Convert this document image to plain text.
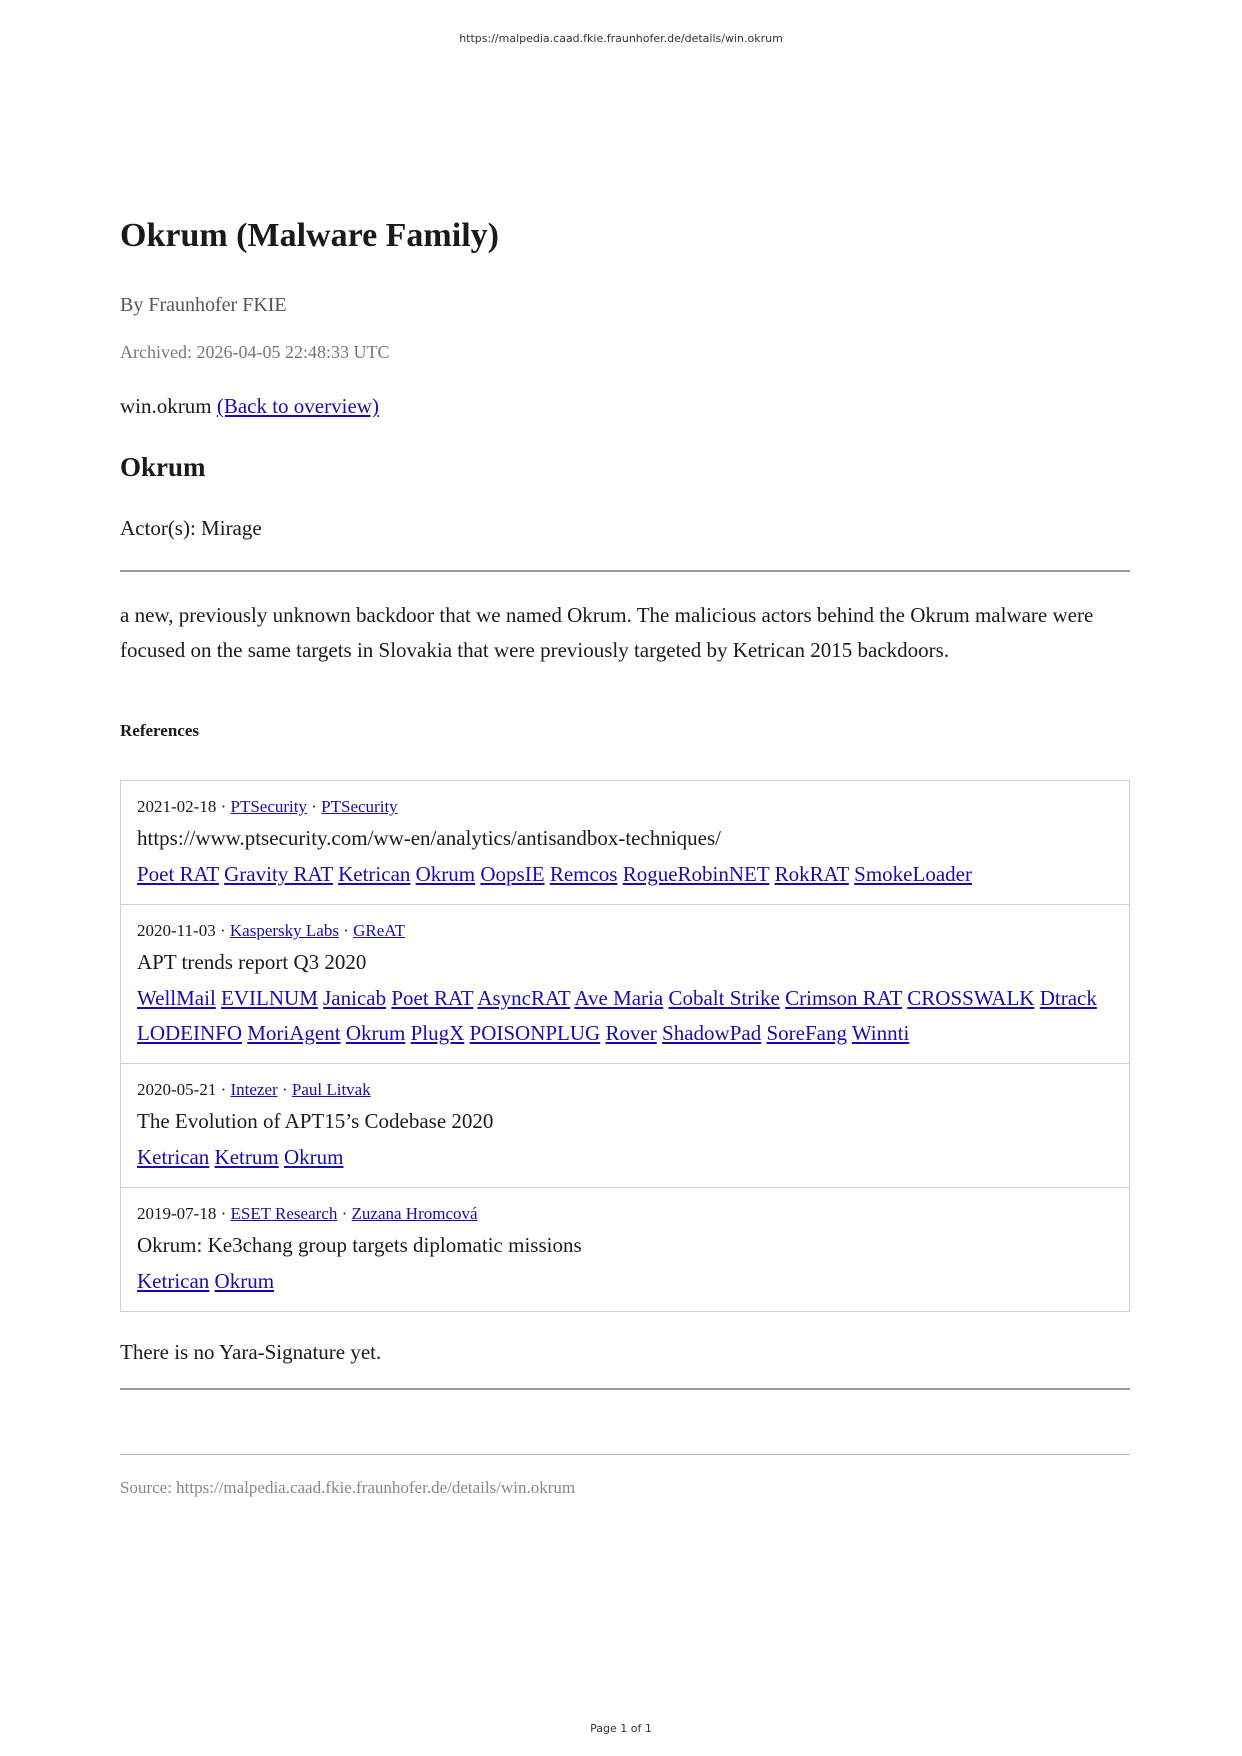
https://malpedia.caad.fkie.fraunhofer.de/details/win.okrum
Okrum (Malware Family)
By Fraunhofer FKIE
Archived: 2026-04-05 22:48:33 UTC
win.okrum (Back to overview)
Okrum
Actor(s): Mirage
a new, previously unknown backdoor that we named Okrum. The malicious actors behind the Okrum malware were focused on the same targets in Slovakia that were previously targeted by Ketrican 2015 backdoors.
References
2021-02-18 · PTSecurity · PTSecurity
https://www.ptsecurity.com/ww-en/analytics/antisandbox-techniques/
Poet RAT Gravity RAT Ketrican Okrum OopsIE Remcos RogueRobinNET RokRAT SmokeLoader
2020-11-03 · Kaspersky Labs · GReAT
APT trends report Q3 2020
WellMail EVILNUM Janicab Poet RAT AsyncRAT Ave Maria Cobalt Strike Crimson RAT CROSSWALK Dtrack LODEINFO MoriAgent Okrum PlugX POISONPLUG Rover ShadowPad SoreFang Winnti
2020-05-21 · Intezer · Paul Litvak
The Evolution of APT15’s Codebase 2020
Ketrican Ketrum Okrum
2019-07-18 · ESET Research · Zuzana Hromcová
Okrum: Ke3chang group targets diplomatic missions
Ketrican Okrum
There is no Yara-Signature yet.
Source: https://malpedia.caad.fkie.fraunhofer.de/details/win.okrum
Page 1 of 1
